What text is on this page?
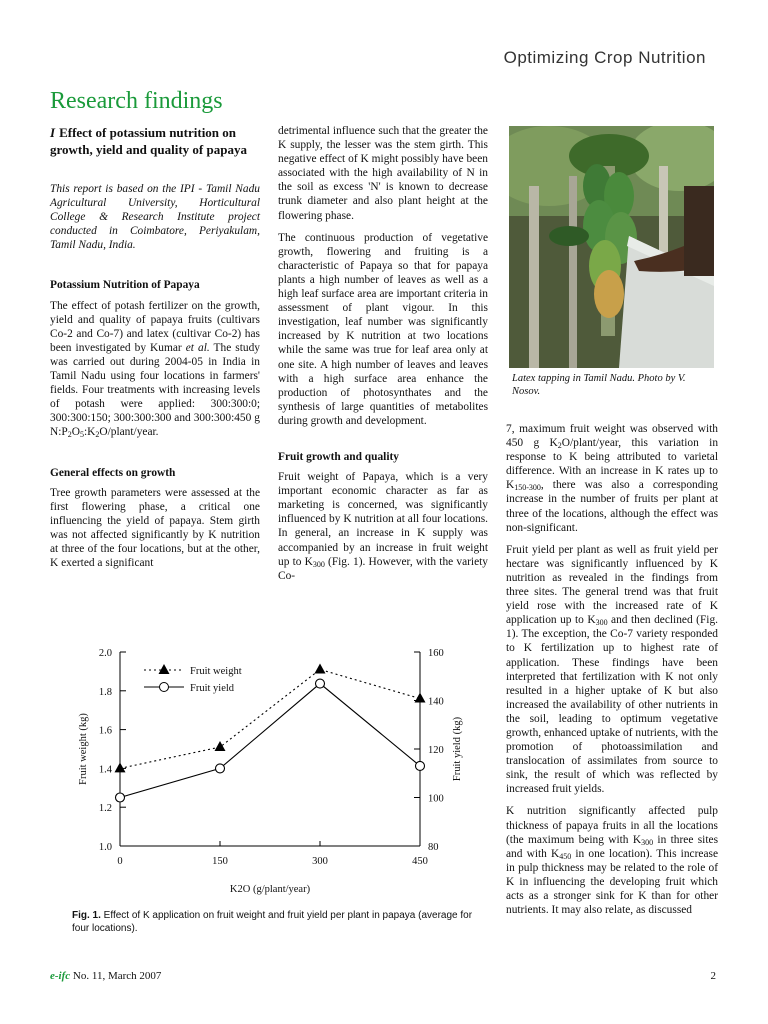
Optimizing Crop Nutrition
Research findings

I Effect of potassium nutrition on growth, yield and quality of papaya

This report is based on the IPI - Tamil Nadu Agricultural University, Horticultural College & Research Institute project conducted in Coimbatore, Periyakulam, Tamil Nadu, India.

Potassium Nutrition of Papaya

The effect of potash fertilizer on the growth, yield and quality of papaya fruits (cultivars Co-2 and Co-7) and latex (cultivar Co-2) has been investigated by Kumar et al. The study was carried out during 2004-05 in India in Tamil Nadu using four locations in farmers' fields. Four treatments with increasing levels of potash were applied: 300:300:0; 300:300:150; 300:300:300 and 300:300:450 g $N:P_2O_5:K_2O/plant$/year.

General effects on growth

Tree growth parameters were assessed at the first flowering phase, a critical one influencing the yield of papaya. Stem girth was not affected significantly by K nutrition at three of the four locations, but at the other, K exerted a significant

detrimental influence such that the greater the K supply, the lesser was the stem girth. This negative effect of K might possibly have been associated with the high availability of N in the soil as excess 'N' is known to decrease trunk diameter and also plant height at the flowering phase.

The continuous production of vegetative growth, flowering and fruiting is a characteristic of Papaya so that for papaya plants a high number of leaves as well as a high leaf surface area are important criteria in assessment of plant vigour. In this investigation, leaf number was significantly increased by K nutrition at two locations while the same was true for leaf area only at one site. A high number of leaves and leaves with a high surface area enhance the production of photosynthates and the synthesis of large quantities of metabolites during growth and development.

Fruit growth and quality

Fruit weight of Papaya, which is a very important economic character as far as marketing is concerned, was significantly influenced by K nutrition at all four locations. In general, an increase in K supply was accompanied by an increase in fruit weight up to $K_{300}$ (Fig. 1). However, with the variety Co-

Latex tapping in Tamil Nadu. Photo by V. Nosov.

7, maximum fruit weight was observed with 450 g $K_2O/plant$/year, this variation in response to K being attributed to varietal difference. With an increase in K rates up to $K_{150-300}$, there was also a corresponding increase in the number of fruits per plant at three of the locations, although the effect was non-significant.

Fruit yield per plant as well as fruit yield per hectare was significantly influenced by K nutrition as revealed in the findings from three sites. The general trend was that fruit yield rose with the increased rate of K application up to $K_{300}$ and then declined (Fig. 1). The exception, the Co-7 variety responded to K fertilization up to highest rate of application. These findings have been interpreted that fertilization with K not only resulted in a higher uptake of K but also increased the availability of other nutrients in the soil, leading to optimum vegetative growth, enhanced uptake of nutrients, with the promotion of photoassimilation and translocation of assimilates from source to sink, the result of which was reflected by increased fruit yields.

K nutrition significantly affected pulp thickness of papaya fruits in all the locations (the maximum being with $K_{300}$ in three sites and with $K_{450}$ in one location). This increase in pulp thickness may be related to the role of K in influencing the developing fruit which acts as a stronger sink for K than for other nutrients. It may also relate, as discussed

1.0
1.2
1.4
1.6
1.8
2.0
80
100
120
140
160
0	150	300	450
Fruit weight
Fruit yield
K2O (g/plant/year)
Fruit weight (kg)	Fruit yield (kg)
Fig. 1. Effect of K application on fruit weight and fruit yield per plant in papaya (average for four locations).
e-ifc No. 11, March 2007	2
